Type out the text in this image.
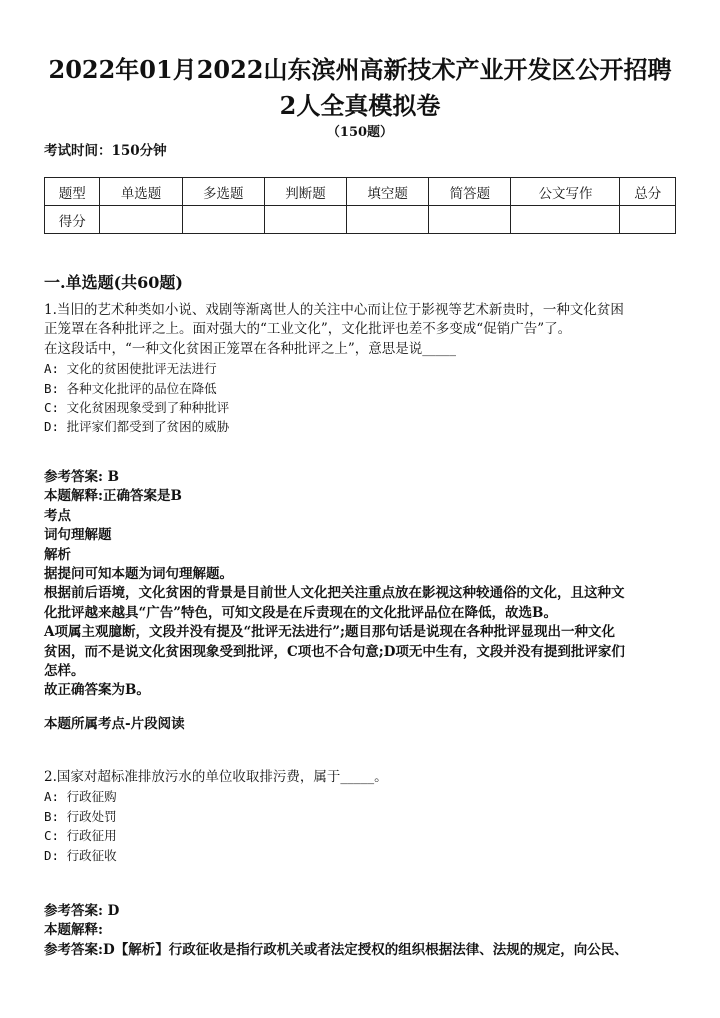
2022年01月2022山东滨州高新技术产业开发区公开招聘
2人全真模拟卷
（150题）
考试时间：150分钟
题型	单选题	多选题	判断题	填空题	简答题	公文写作	总分
得分							
一.单选题(共60题)
1.当旧的艺术种类如小说、戏剧等渐离世人的关注中心而让位于影视等艺术新贵时，一种文化贫困
正笼罩在各种批评之上。面对强大的“工业文化”，文化批评也差不多变成“促销广告”了。
在这段话中，“一种文化贫困正笼罩在各种批评之上”，意思是说_____
A: 文化的贫困使批评无法进行
B: 各种文化批评的品位在降低
C: 文化贫困现象受到了种种批评
D: 批评家们都受到了贫困的威胁
参考答案: B
本题解释:正确答案是B
考点
词句理解题
解析
据提问可知本题为词句理解题。
根据前后语境，文化贫困的背景是目前世人文化把关注重点放在影视这种较通俗的文化，且这种文
化批评越来越具“广告”特色，可知文段是在斥责现在的文化批评品位在降低，故选B。
A项属主观臆断，文段并没有提及“批评无法进行”;题目那句话是说现在各种批评显现出一种文化
贫困，而不是说文化贫困现象受到批评，C项也不合句意;D项无中生有，文段并没有提到批评家们
怎样。
故正确答案为B。
本题所属考点-片段阅读
2.国家对超标准排放污水的单位收取排污费，属于_____。
A: 行政征购
B: 行政处罚
C: 行政征用
D: 行政征收
参考答案: D
本题解释:
参考答案:D【解析】行政征收是指行政机关或者法定授权的组织根据法律、法规的规定，向公民、
